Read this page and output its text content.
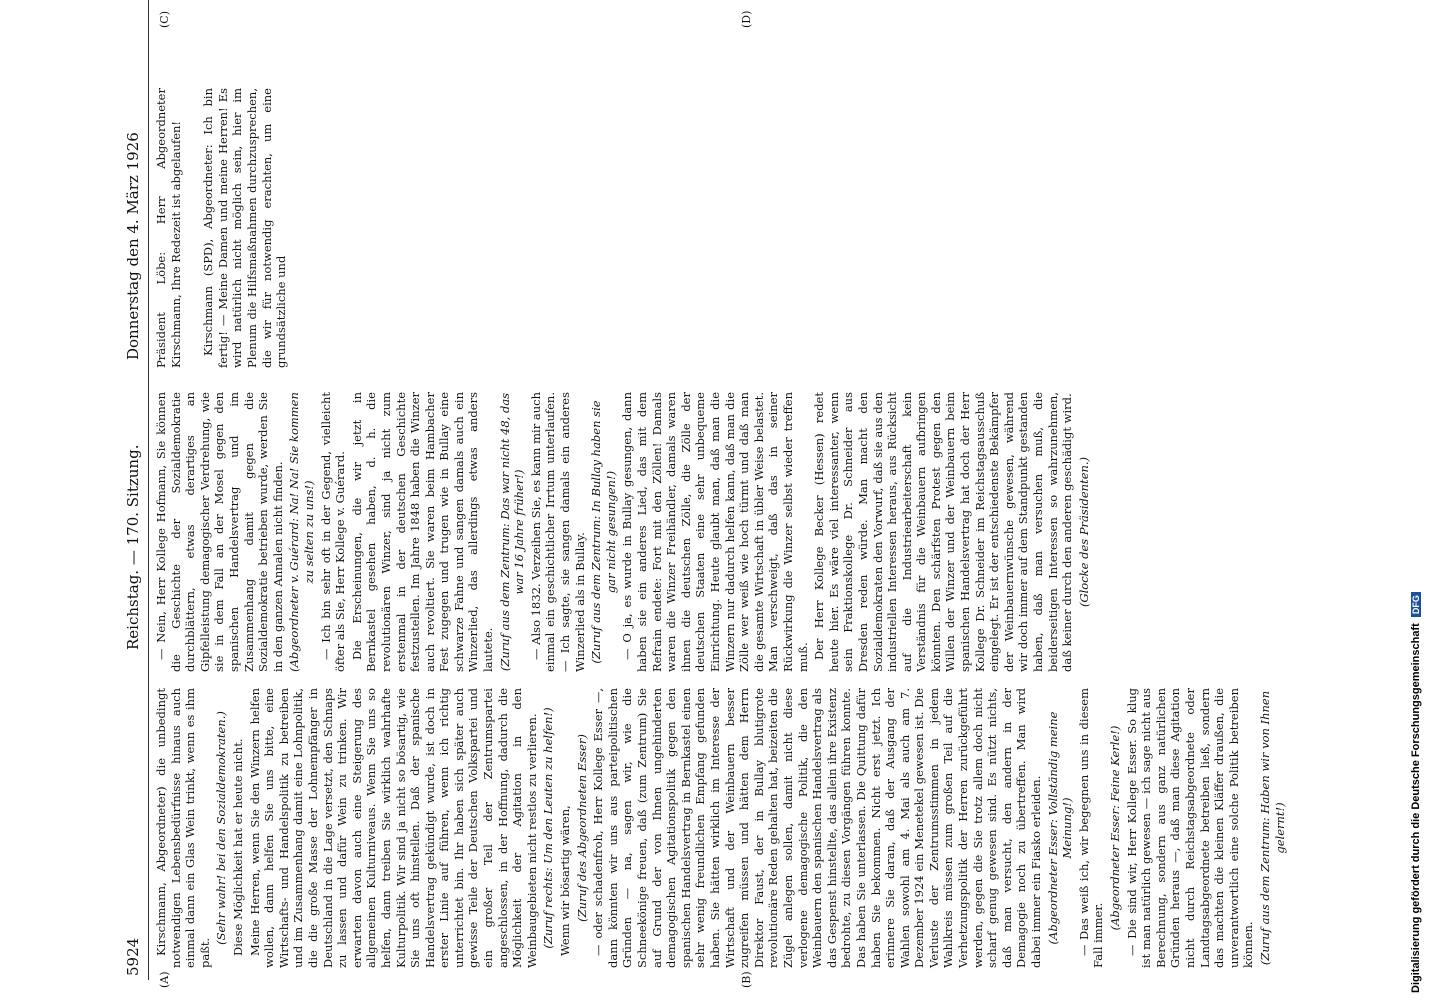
5924
Reichstag. — 170. Sitzung.
Donnerstag den 4. März 1926
(A)	(B)
(C)	(D)

Kirschmann, Abgeordneter) die unbedingt notwendigen Lebensbedürfnisse hinaus auch einmal dann ein Glas Wein trinkt, wenn es ihm paßt.

(Sehr wahr! bei den Sozialdemokraten.) Diese Möglichkeit hat er heute nicht. Meine Herren, wenn Sie den Winzern helfen wollen, dann helfen Sie uns bitte, eine Wirtschafts- und Handelspolitik zu betreiben und im Zusammenhang damit eine Lohnpolitik, die die große Masse der Lohnempfänger in Deutschland in die Lage versetzt, den Schnaps zu lassen und dafür Wein zu trinken. Wir erwarten davon auch eine Steigerung des allgemeinen Kulturniveaus. Wenn Sie uns so helfen, dann treiben Sie wirklich wahrhafte Kulturpolitik. Wir sind ja nicht so bösartig, wie Sie uns oft hinstellen. Daß der spanische Handelsvertrag gekündigt wurde, ist doch in erster Linie auf führen, wenn ich richtig unterrichtet bin. Ihr haben sich später auch gewisse Teile der Deutschen Volkspartei und ein großer Teil der Zentrumspartei angeschlossen, in der Hoffnung, dadurch die Möglichkeit der Agitation in den Weinbaugebieten nicht restlos zu verlieren. (Zuruf rechts: Um den Leuten zu helfen!) Wenn wir bösartig wären, (Zuruf des Abgeordneten Esser) — oder schadenfroh, Herr Kollege Esser —, dann könnten wir uns aus parteipolitischen Gründen — na, sagen wir, wie die Schneekönige freuen, daß (zum Zentrum) Sie auf Grund der von Ihnen ungehinderten demagogischen Agitationspolitik gegen den spanischen Handelsvertrag in Bernkastel einen sehr wenig freundlichen Empfang gefunden haben. Sie hätten wirklich im Interesse der Wirtschaft und der Weinbauern besser zugreifen müssen und hätten dem Herrn Direktor Faust, der in Bullay blutigrote revolutionäre Reden gehalten hat, beizeiten die Zügel anlegen sollen, damit nicht diese verlogene demagogische Politik, die den Weinbauern den spanischen Handelsvertrag als das Gespenst hinstellte, das allein ihre Existenz bedrohte, zu diesen Vorgängen führen konnte. Das haben Sie unterlassen. Die Quittung dafür haben Sie bekommen. Nicht erst jetzt. Ich erinnere Sie daran, daß der Ausgang der Wahlen sowohl am 4. Mai als auch am 7. Dezember 1924 ein Menetekel gewesen ist. Die Verluste der Zentrumsstimmen in jedem Wahlkreis müssen zum großen Teil auf die Verhetzungspolitik der Herren zurückgeführt werden, gegen die Sie trotz allem doch nicht scharf genug gewesen sind. Es nützt nichts, daß man versucht, den andern in der Demagogie noch zu übertreffen. Man wird dabei immer ein Fiasko erleiden. (Abgeordneter Esser: Vollständig meine Meinung!) — Das weiß ich, wir begegnen uns in diesem Fall immer.

(Abgeordneter Esser: Feine Kerle!) — Die sind wir, Herr Kollege Esser. So klug ist man natürlich gewesen — ich sage nicht aus Berechnung, sondern aus ganz natürlichen Gründen heraus —, daß man diese Agitation nicht durch Reichstagsabgeordnete oder Landtagsabgeordnete betreiben ließ, sondern das machten die kleinen Kläffer draußen, die unverantwortlich eine solche Politik betreiben können. (Zuruf aus dem Zentrum: Haben wir von Ihnen gelernt!)

— Nein, Herr Kollege Hofmann, Sie können die Geschichte der Sozialdemokratie durchblättern, etwas derartiges an Gipfelleistung demagogischer Verdrehung, wie sie in dem Fall an der Mosel gegen den spanischen Handelsvertrag und im Zusammenhang damit gegen die Sozialdemokratie betrieben wurde, werden Sie in den ganzen Annalen nicht finden. (Abgeordneter v. Guérard: Na! Na! Sie kommen zu selten zu uns!) — Ich bin sehr oft in der Gegend, vielleicht öfter als Sie, Herr Kollege v. Guérard. Die Erscheinungen, die wir jetzt in Bernkastel gesehen haben, d. h. die revolutionären Winzer, sind ja nicht zum erstenmal in der deutschen Geschichte festzustellen. Im Jahre 1848 haben die Winzer auch revoltiert. Sie waren beim Hambacher Fest zugegen und trugen wie in Bullay eine schwarze Fahne und sangen damals auch ein Winzerlied, das allerdings etwas anders lautete. (Zuruf aus dem Zentrum: Das war nicht 48, das war 16 Jahre früher!) — Also 1832. Verzeihen Sie, es kann mir auch einmal ein geschichtlicher Irrtum unterlaufen. — Ich sagte, sie sangen damals ein anderes Winzerlied als in Bullay. (Zuruf aus dem Zentrum: In Bullay haben sie gar nicht gesungen!) — O ja, es wurde in Bullay gesungen, dann haben sie ein anderes Lied, das mit dem Refrain endete: Fort mit den Zöllen! Damals waren die Winzer Freihändler, damals waren ihnen die deutschen Zölle, die Zölle der deutschen Staaten eine sehr unbequeme Einrichtung. Heute glaubt man, daß man die Winzern nur dadurch helfen kann, daß man die Zölle wer weiß wie hoch türmt und daß man die gesamte Wirtschaft in übler Weise belastet. Man verschweigt, daß das in seiner Rückwirkung die Winzer selbst wieder treffen muß. Der Herr Kollege Becker (Hessen) redet heute hier. Es wäre viel interessanter, wenn sein Fraktionskollege Dr. Schneider aus Dresden reden würde. Man macht den Sozialdemokraten den Vorwurf, daß sie aus den industriellen Interessen heraus, aus Rücksicht auf die Industriearbeiterschaft kein Verständnis für die Weinbauern aufbringen könnten. Den schärfsten Protest gegen den Willen der Winzer und der Weinbauern beim spanischen Handelsvertrag hat doch der Herr Kollege Dr. Schneider im Reichstagsausschuß eingelegt. Er ist der entschiedenste Bekämpfer der Weinbauernwünsche gewesen, während wir doch immer auf dem Standpunkt gestanden haben, daß man versuchen muß, die beiderseitigen Interessen so wahrzunehmen, daß keiner durch den anderen geschädigt wird. (Glocke des Präsidenten.)

Präsident Löbe: Herr Abgeordneter Kirschmann, Ihre Redezeit ist abgelaufen! Kirschmann (SPD), Abgeordneter: Ich bin fertig! — Meine Damen und meine Herren! Es wird natürlich nicht möglich sein, hier im Plenum die Hilfsmaßnahmen durchzusprechen, die wir für notwendig erachten, um eine grundsätzliche und

Digitalisierung gefördert durch die Deutsche Forschungsgemeinschaft DFG
